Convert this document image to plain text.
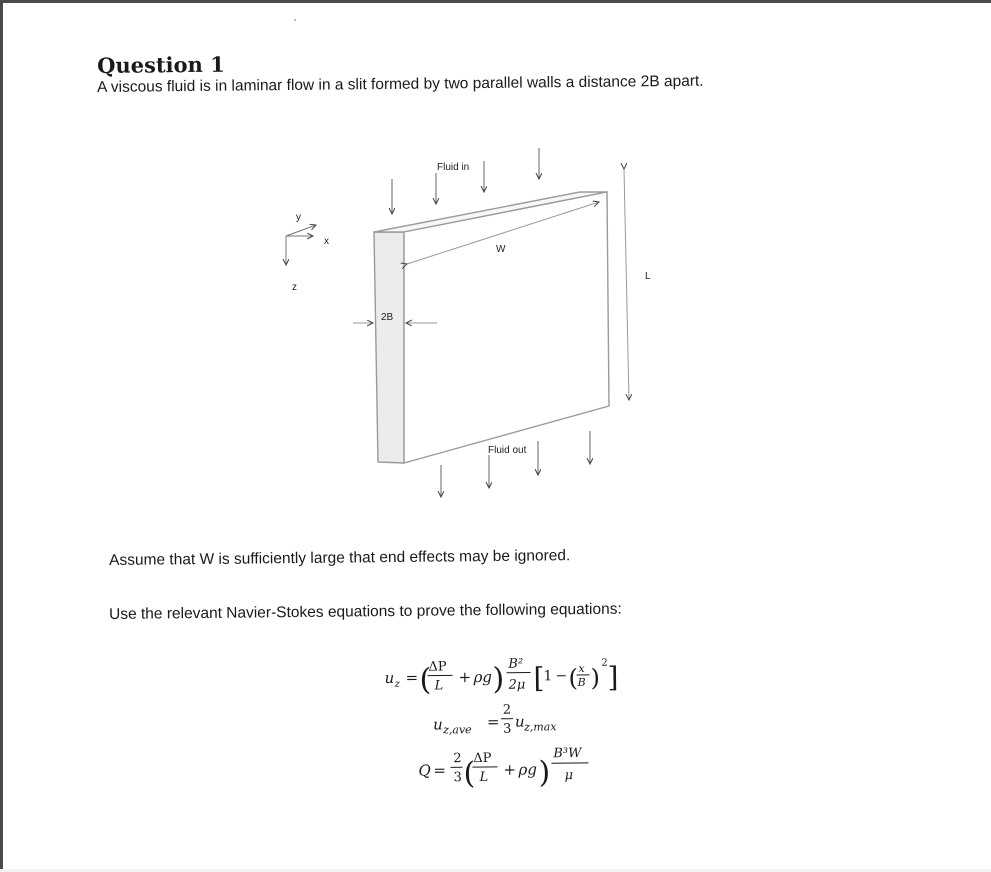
Question 1
A viscous fluid is in laminar flow in a slit formed by two parallel walls a distance 2B apart.
y
x
z
W
L
2B
Fluid in
Fluid out
u z = (
ΔP
L + ρg ) B²
2μ [
1 − ( x
B )
2 ]
u z,ave =
2
3 u z,max
Q =
2
3 (
ΔP
L + ρg )
B³W
μ
Assume that W is sufficiently large that end effects may be ignored.
Use the relevant Navier-Stokes equations to prove the following equations:
